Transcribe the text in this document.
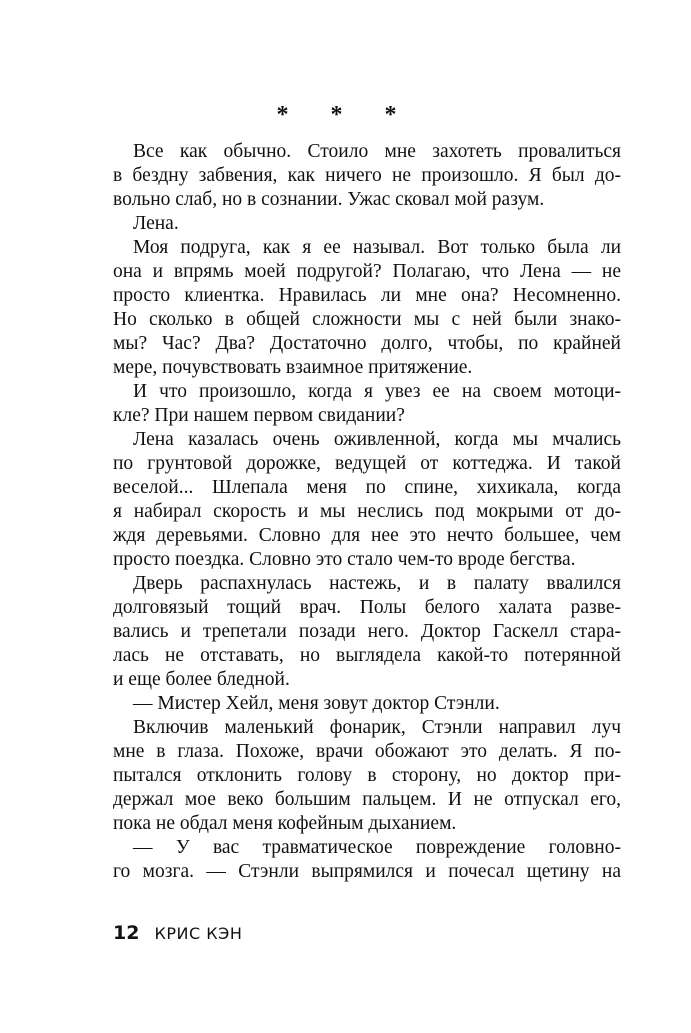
* * *
Все как обычно. Стоило мне захотеть провалиться
в бездну забвения, как ничего не произошло. Я был до-
вольно слаб, но в сознании. Ужас сковал мой разум.
Лена.
Моя подруга, как я ее называл. Вот только была ли
она и впрямь моей подругой? Полагаю, что Лена — не
просто клиентка. Нравилась ли мне она? Несомненно.
Но сколько в общей сложности мы с ней были знако-
мы? Час? Два? Достаточно долго, чтобы, по крайней
мере, почувствовать взаимное притяжение.
И что произошло, когда я увез ее на своем мотоци-
кле? При нашем первом свидании?
Лена казалась очень оживленной, когда мы мчались
по грунтовой дорожке, ведущей от коттеджа. И такой
веселой... Шлепала меня по спине, хихикала, когда
я набирал скорость и мы неслись под мокрыми от до-
ждя деревьями. Словно для нее это нечто большее, чем
просто поездка. Словно это стало чем-то вроде бегства.
Дверь распахнулась настежь, и в палату ввалился
долговязый тощий врач. Полы белого халата разве-
вались и трепетали позади него. Доктор Гаскелл стара-
лась не отставать, но выглядела какой-то потерянной
и еще более бледной.
— Мистер Хейл, меня зовут доктор Стэнли.
Включив маленький фонарик, Стэнли направил луч
мне в глаза. Похоже, врачи обожают это делать. Я по-
пытался отклонить голову в сторону, но доктор при-
держал мое веко большим пальцем. И не отпускал его,
пока не обдал меня кофейным дыханием.
— У вас травматическое повреждение головно-
го мозга. — Стэнли выпрямился и почесал щетину на
12 КРИС КЭН
